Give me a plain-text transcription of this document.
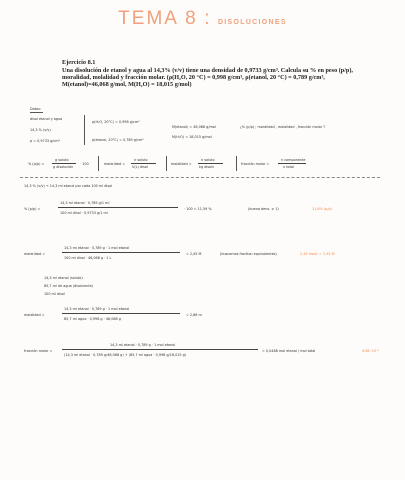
TEMA 8 : DISOLUCIONES
Ejercicio 8.1
Una disolución de etanol y agua al 14,3% (v/v) tiene una densidad de 0,9733 g/cm³. Calcula su % en peso (p/p), moralidad, molalidad y fracción molar. (ρ(H₂O, 20 °C) = 0,998 g/cm³, ρ(etanol, 20 °C) = 0,789 g/cm³, M(etanol)=46,068 g/mol, M(H₂O) = 18,015 g/mol)
Datos:
disol etanol y agua
14,3 % (v/v)
ρ = 0,9733 g/cm³
ρ(H₂O, 20°C) = 0,998 g/cm³
ρ(etanol, 20°C) = 0,789 g/cm³
M(etanol) = 46,068 g/mol
M(H₂O) = 18,015 g/mol
¿% (p/p) ; moralidad , molalidad , fracción molar ?
% (p/p) =
g soluto
g disolución
· 100	molaridad =
n soluto
V(L) disol
molalidad =
n soluto
kg disolv
fracción molar =
n componente
n total
14,3 % (v/v) → 14,3 ml etanol por cada 100 ml disol
% (p/p) =
14,3 ml etanol · 0,789 g/1 ml
100 ml disol · 0,9733 g/1 ml
· 100 = 11,59 %	(buena dens. ≠ 1)	11,6% (p/p)
molaridad =
14,3 ml etanol · 0,789 g · 1 mol etanol
100 ml disol · 46,068 g · 1 L
= 2,45 M	(buscamos fraction equivalentes)	2,45 mol/L = 2,45 M
14,3 ml etanol (soluto)
85,7 ml de agua (disolvente)
100 ml disol
molalidad =
14,3 ml etanol · 0,789 g · 1 mol etanol
85,7 ml agua · 0,998 g · 46,068 g
= 2,86 m
fracción molar =
14,3 ml etanol · 0,789 g · 1 mol etanol
(14,3 ml etanol · 0,789 g/46,068 g) + (85,7 ml agua · 0,998 g/18,015 g)
= 0,0488 mol etanol / mol total	4,88 ·10⁻²
